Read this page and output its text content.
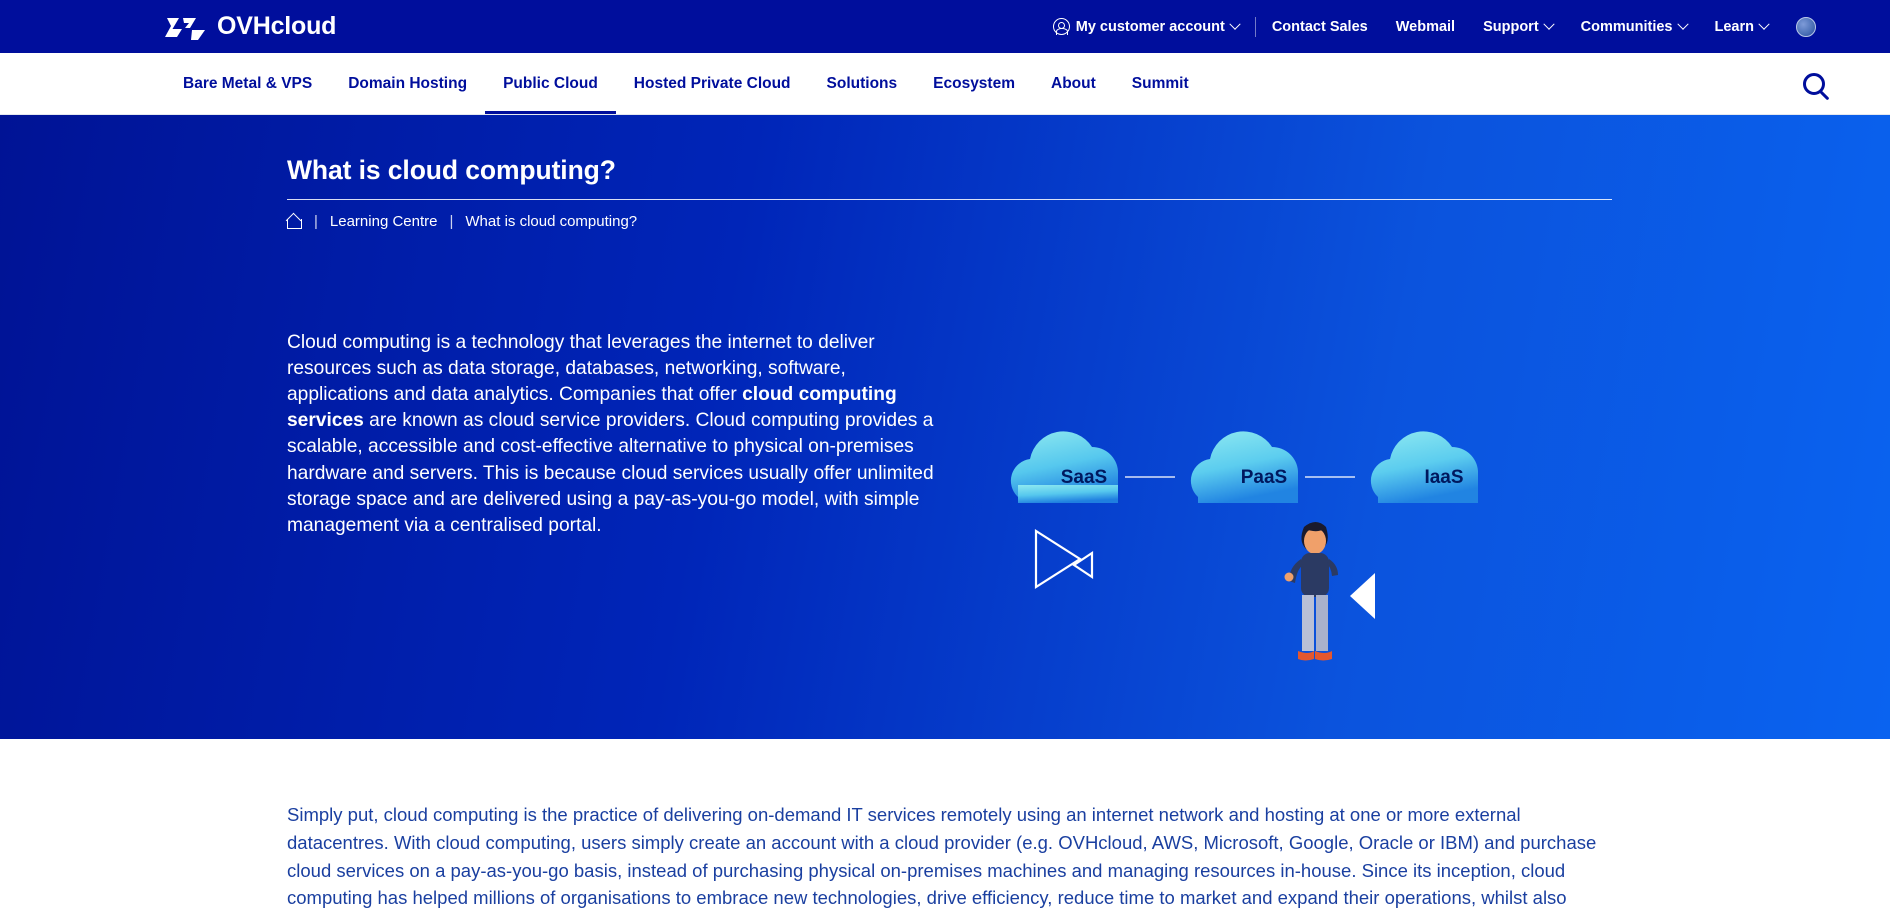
OVHcloud	My customer account	Contact Sales Webmail Support	Communities	Learn
Bare Metal & VPS Domain Hosting Public Cloud Hosted Private Cloud Solutions Ecosystem About Summit
What is cloud computing?
| Learning Centre | What is cloud computing?
Cloud computing is a technology that leverages the internet to deliver resources such as data storage, databases, networking, software, applications and data analytics. Companies that offer cloud computing services are known as cloud service providers. Cloud computing provides a scalable, accessible and cost-effective alternative to physical on-premises hardware and servers. This is because cloud services usually offer unlimited storage space and are delivered using a pay-as-you-go model, with simple management via a centralised portal.
SaaS	PaaS	IaaS

Simply put, cloud computing is the practice of delivering on-demand IT services remotely using an internet network and hosting at one or more external datacentres. With cloud computing, users simply create an account with a cloud provider (e.g. OVHcloud, AWS, Microsoft, Google, Oracle or IBM) and purchase cloud services on a pay-as-you-go basis, instead of purchasing physical on-premises machines and managing resources in-house. Since its inception, cloud computing has helped millions of organisations to embrace new technologies, drive efficiency, reduce time to market and expand their operations, whilst also
